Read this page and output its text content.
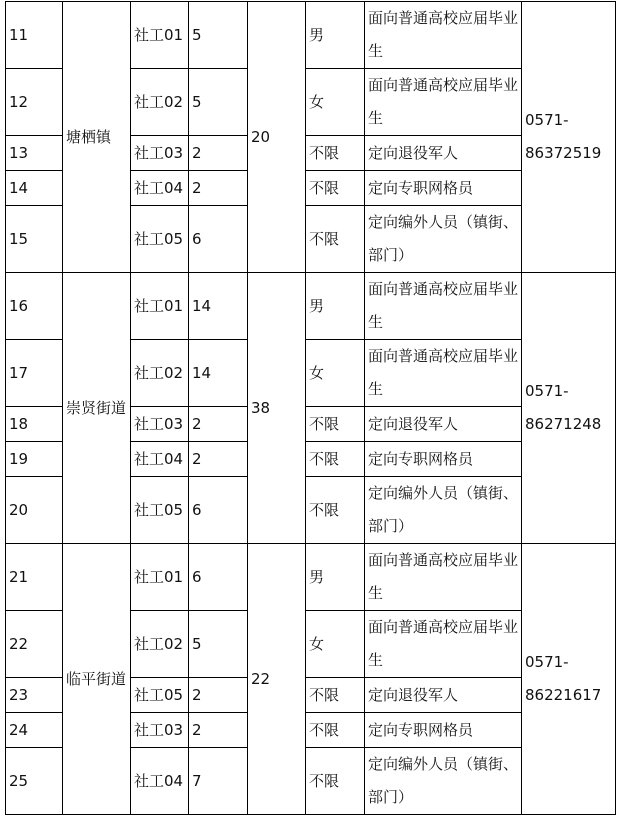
11	塘栖镇	社工01	5	20	男	面向普通高校应届毕业生	0571-
86372519

12		社工02	5		女	面向普通高校应届毕业生	
13		社工03	2		不限	定向退役军人	
14		社工04	2		不限	定向专职网格员	
15		社工05	6		不限	定向编外人员（镇街、部门）	
16	崇贤街道	社工01	14	38	男	面向普通高校应届毕业生	0571-
86271248

17		社工02	14		女	面向普通高校应届毕业生	
18		社工03	2		不限	定向退役军人	
19		社工04	2		不限	定向专职网格员	
20		社工05	6		不限	定向编外人员（镇街、部门）	
21	临平街道	社工01	6	22	男	面向普通高校应届毕业生	0571-
86221617

22		社工02	5		女	面向普通高校应届毕业生	
23		社工05	2		不限	定向退役军人	
24		社工03	2		不限	定向专职网格员	
25		社工04	7		不限	定向编外人员（镇街、部门）	
